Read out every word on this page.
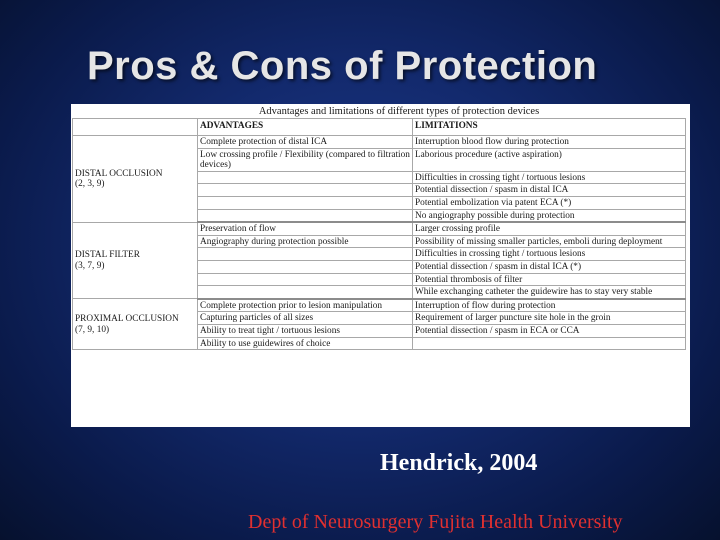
Pros & Cons of Protection
Advantages and limitations of different types of protection devices
	ADVANTAGES	LIMITATIONS

DISTAL OCCLUSION
(2, 3, 9)	Complete protection of distal ICA	Interruption blood flow during protection
	Low crossing profile / Flexibility (compared to filtration devices)	Laborious procedure (active aspiration)
		Difficulties in crossing tight / tortuous lesions
		Potential dissection / spasm in distal ICA
		Potential embolization via patent ECA (*)
		No angiography possible during protection

DISTAL FILTER
(3, 7, 9)	Preservation of flow	Larger crossing profile
	Angiography during protection possible	Possibility of missing smaller particles, emboli during deployment
		Difficulties in crossing tight / tortuous lesions
		Potential dissection / spasm in distal ICA (*)
		Potential thrombosis of filter
		While exchanging catheter the guidewire has to stay very stable

PROXIMAL OCCLUSION
(7, 9, 10)	Complete protection prior to lesion manipulation	Interruption of flow during protection
	Capturing particles of all sizes	Requirement of larger puncture site hole in the groin
	Ability to treat tight / tortuous lesions	Potential dissection / spasm in ECA or CCA
	Ability to use guidewires of choice	
Hendrick, 2004
Dept of Neurosurgery Fujita Health University
